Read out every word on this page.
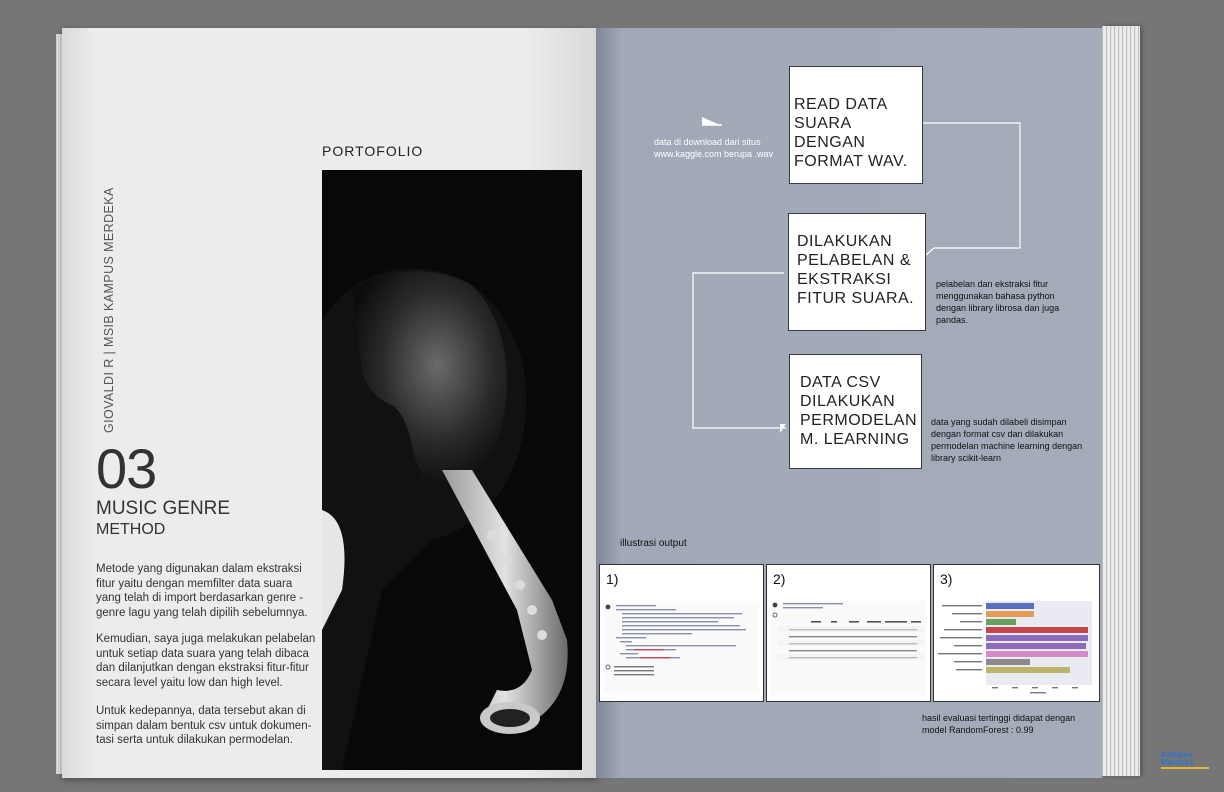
GIOVALDI R | MSIB KAMPUS MERDEKA
PORTOFOLIO
03
MUSIC GENRE
METHOD
Metode yang digunakan dalam ekstraksi fitur yaitu dengan memfilter data suara yang telah di import berdasarkan genre - genre lagu yang telah dipilih sebelumnya.
Kemudian, saya juga melakukan pelabelan untuk setiap data suara yang telah dibaca dan dilanjutkan dengan ekstraksi fitur-fitur secara level yaitu low dan high level.
Untuk kedepannya, data tersebut akan di simpan dalam bentuk csv untuk dokumen- tasi serta untuk dilakukan permodelan.
data di download dari situs www.kaggle.com berupa .wav
READ DATA SUARA DENGAN FORMAT WAV.
DILAKUKAN PELABELAN & EKSTRAKSI FITUR SUARA.
pelabelan dan ekstraksi fitur menggunakan bahasa python dengan library librosa dan juga pandas.
DATA CSV DILAKUKAN PERMODELAN M. LEARNING
data yang sudah dilabeli disimpan dengan format csv dan dilakukan permodelan machine learning dengan library scikit-learn
illustrasi output
1)	2)	3)
hasil evaluasi tertinggi didapat dengan model RandomForest : 0.99
Kampus
Merdeka
